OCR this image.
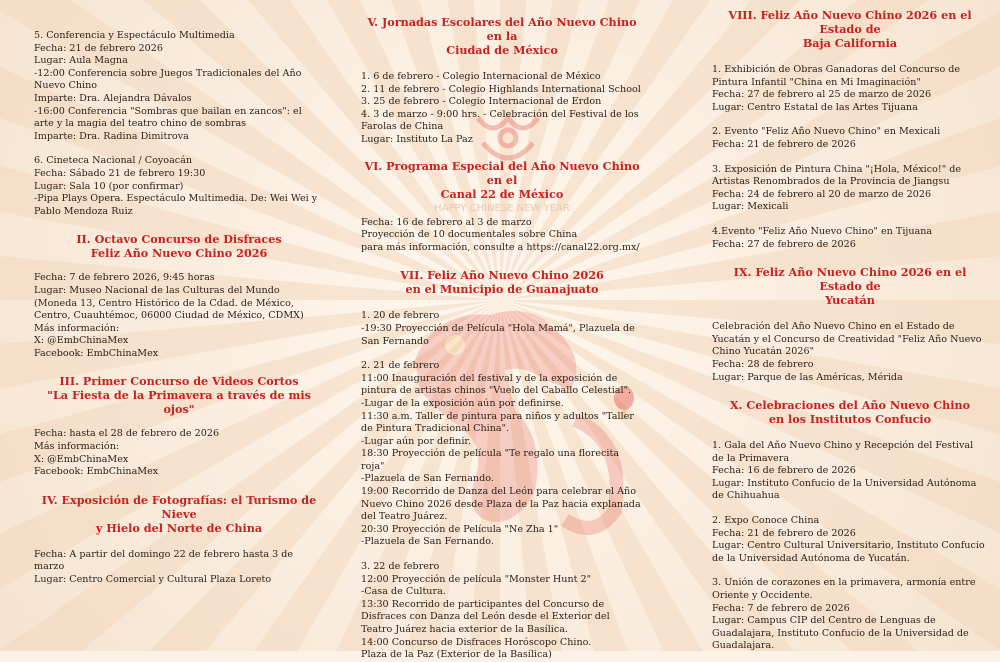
5. Conferencia y Espectáculo Multimedia
Fecha: 21 de febrero 2026
Lugar: Aula Magna
-12:00 Conferencia sobre Juegos Tradicionales del Año Nuevo Chino
Imparte: Dra. Alejandra Dávalos
-16:00 Conferencia "Sombras que bailan en zancos": el arte y la magia del teatro chino de sombras
Imparte: Dra. Radina Dimitrova

6. Cineteca Nacional / Coyoacán
Fecha: Sábado 21 de febrero 19:30
Lugar: Sala 10 (por confirmar)
-Pipa Plays Opera. Espectáculo Multimedia. De: Wei Wei y Pablo Mendoza Ruiz

II. Octavo Concurso de Disfraces
Feliz Año Nuevo Chino 2026

Fecha: 7 de febrero 2026, 9:45 horas
Lugar: Museo Nacional de las Culturas del Mundo (Moneda 13, Centro Histórico de la Cdad. de México, Centro, Cuauhtémoc, 06000 Ciudad de México, CDMX)
Más información:
X: @EmbChinaMex
Facebook: EmbChinaMex

III. Primer Concurso de Videos Cortos
"La Fiesta de la Primavera a través de mis ojos"

Fecha: hasta el 28 de febrero de 2026
Más información:
X: @EmbChinaMex
Facebook: EmbChinaMex

IV. Exposición de Fotografías: el Turismo de Nieve
y Hielo del Norte de China

Fecha: A partir del domingo 22 de febrero hasta 3 de marzo
Lugar: Centro Comercial y Cultural Plaza Loreto

V. Jornadas Escolares del Año Nuevo Chino en la
Ciudad de México

1. 6 de febrero - Colegio Internacional de México
2. 11 de febrero - Colegio Highlands International School
3. 25 de febrero - Colegio Internacional de Erdon
4. 3 de marzo - 9:00 hrs. - Celebración del Festival de los Farolas de China
Lugar: Instituto La Paz

VI. Programa Especial del Año Nuevo Chino en el
Canal 22 de México

HAPPY CHINESE NEW YEAR

Fecha: 16 de febrero al 3 de marzo
Proyección de 10 documentales sobre China
para más información, consulte a https://canal22.org.mx/

VII. Feliz Año Nuevo Chino 2026
en el Municipio de Guanajuato

1. 20 de febrero
-19:30 Proyección de Película "Hola Mamá", Plazuela de San Fernando

2. 21 de febrero
11:00 Inauguración del festival y de la exposición de pintura de artistas chinos "Vuelo del Caballo Celestial".
-Lugar de la exposición aún por definirse.
11:30 a.m. Taller de pintura para niños y adultos "Taller de Pintura Tradicional China".
-Lugar aún por definir.
18:30 Proyección de película "Te regalo una florecita roja"
-Plazuela de San Fernando.
19:00 Recorrido de Danza del León para celebrar el Año Nuevo Chino 2026 desde Plaza de la Paz hacia explanada del Teatro Juárez.
20:30 Proyección de Película "Ne Zha 1"
-Plazuela de San Fernando.

3. 22 de febrero
12:00 Proyección de película "Monster Hunt 2"
-Casa de Cultura.
13:30 Recorrido de participantes del Concurso de Disfraces con Danza del León desde el Exterior del Teatro Juárez hacia exterior de la Basílica.
14:00 Concurso de Disfraces Horóscopo Chino.
Plaza de la Paz (Exterior de la Basílica)

VIII. Feliz Año Nuevo Chino 2026 en el Estado de
Baja California

1. Exhibición de Obras Ganadoras del Concurso de Pintura Infantil "China en Mi Imaginación"
Fecha: 27 de febrero al 25 de marzo de 2026
Lugar: Centro Estatal de las Artes Tijuana

2. Evento "Feliz Año Nuevo Chino" en Mexicali
Fecha: 21 de febrero de 2026

3. Exposición de Pintura China "¡Hola, México!" de Artistas Renombrados de la Provincia de Jiangsu
Fecha: 24 de febrero al 20 de marzo de 2026
Lugar: Mexicali

4.Evento "Feliz Año Nuevo Chino" en Tijuana
Fecha: 27 de febrero de 2026

IX. Feliz Año Nuevo Chino 2026 en el Estado de
Yucatán

Celebración del Año Nuevo Chino en el Estado de Yucatán y el Concurso de Creatividad "Feliz Año Nuevo Chino Yucatán 2026"
Fecha: 28 de febrero
Lugar: Parque de las Américas, Mérida

X. Celebraciones del Año Nuevo Chino
en los Institutos Confucio

1. Gala del Año Nuevo Chino y Recepción del Festival de la Primavera
Fecha: 16 de febrero de 2026
Lugar: Instituto Confucio de la Universidad Autónoma de Chihuahua

2. Expo Conoce China
Fecha: 21 de febrero de 2026
Lugar: Centro Cultural Universitario, Instituto Confucio de la Universidad Autónoma de Yucatán.

3. Unión de corazones en la primavera, armonía entre Oriente y Occidente.
Fecha: 7 de febrero de 2026
Lugar: Campus CIP del Centro de Lenguas de Guadalajara, Instituto Confucio de la Universidad de Guadalajara.
